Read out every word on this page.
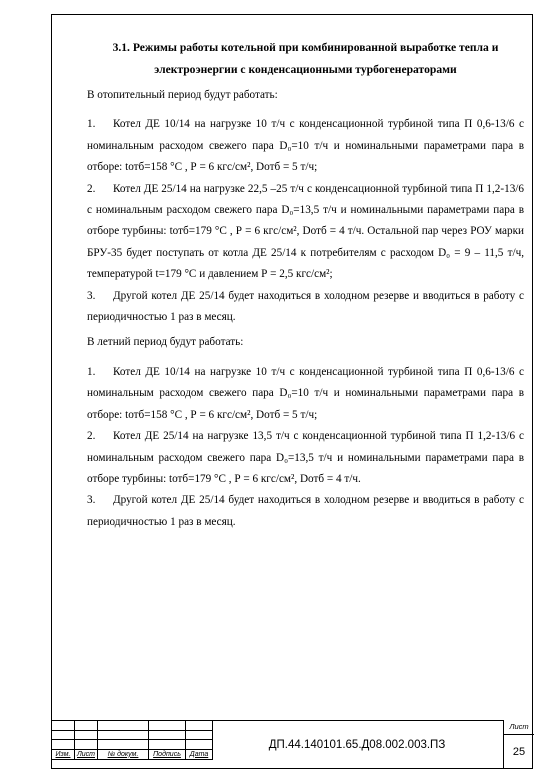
3.1. Режимы работы котельной при комбинированной выработке тепла и

электроэнергии с конденсационными турбогенераторами

В отопительный период будут работать:

1. Котел ДЕ 10/14 на нагрузке 10 т/ч с конденсационной турбиной типа П 0,6-13/6 с номинальным расходом свежего пара D₀=10 т/ч и номинальными параметрами пара в отборе: tотб=158 °С , Р = 6 кгс/см², Dотб = 5 т/ч;

2. Котел ДЕ 25/14 на нагрузке 22,5 –25 т/ч с конденсационной турбиной типа П 1,2-13/6 с номинальным расходом свежего пара D₀=13,5 т/ч и номинальными параметрами пара в отборе турбины: tотб=179 °С , Р = 6 кгс/см², Dотб = 4 т/ч. Остальной пар через РОУ марки БРУ-35 будет поступать от котла ДЕ 25/14 к потребителям с расходом D₀ = 9 – 11,5 т/ч, температурой t=179 °С и давлением Р = 2,5 кгс/см²;

3. Другой котел ДЕ 25/14 будет находиться в холодном резерве и вводиться в работу с периодичностью 1 раз в месяц.

В летний период будут работать:

1. Котел ДЕ 10/14 на нагрузке 10 т/ч с конденсационной турбиной типа П 0,6-13/6 с номинальным расходом свежего пара D₀=10 т/ч и номинальными параметрами пара в отборе: tотб=158 °С , Р = 6 кгс/см², Dотб = 5 т/ч;

2. Котел ДЕ 25/14 на нагрузке 13,5 т/ч с конденсационной турбиной типа П 1,2-13/6 с номинальным расходом свежего пара D₀=13,5 т/ч и номинальными параметрами пара в отборе турбины: tотб=179 °С , Р = 6 кгс/см², Dотб = 4 т/ч.

3. Другой котел ДЕ 25/14 будет находиться в холодном резерве и вводиться в работу с периодичностью 1 раз в месяц.

Изм.	Лист	№ докум.	Подпись	Дата
ДП.44.140101.65.Д08.002.003.ПЗ
Лист
25
